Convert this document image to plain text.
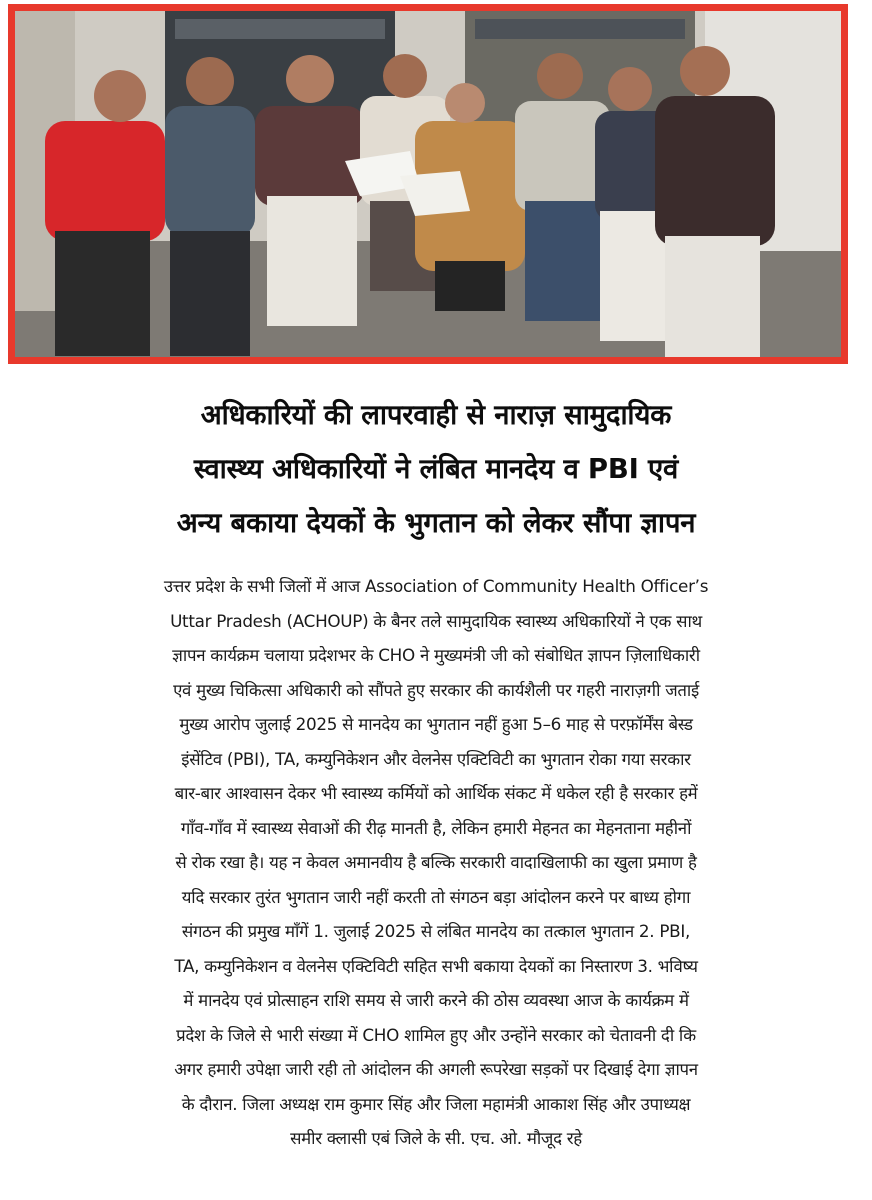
अधिकारियों की लापरवाही से नाराज़ सामुदायिक
स्वास्थ्य अधिकारियों ने लंबित मानदेय व PBI एवं
अन्य बकाया देयकों के भुगतान को लेकर सौंपा ज्ञापन
उत्तर प्रदेश के सभी जिलों में आज Association of Community Health Officer’s
Uttar Pradesh (ACHOUP) के बैनर तले सामुदायिक स्वास्थ्य अधिकारियों ने एक साथ
ज्ञापन कार्यक्रम चलाया प्रदेशभर के CHO ने मुख्यमंत्री जी को संबोधित ज्ञापन ज़िलाधिकारी
एवं मुख्य चिकित्सा अधिकारी को सौंपते हुए सरकार की कार्यशैली पर गहरी नाराज़गी जताई
मुख्य आरोप जुलाई 2025 से मानदेय का भुगतान नहीं हुआ 5–6 माह से परफ़ॉर्मेंस बेस्ड
इंसेंटिव (PBI), TA, कम्युनिकेशन और वेलनेस एक्टिविटी का भुगतान रोका गया सरकार
बार-बार आश्वासन देकर भी स्वास्थ्य कर्मियों को आर्थिक संकट में धकेल रही है सरकार हमें
गाँव-गाँव में स्वास्थ्य सेवाओं की रीढ़ मानती है, लेकिन हमारी मेहनत का मेहनताना महीनों
से रोक रखा है। यह न केवल अमानवीय है बल्कि सरकारी वादाखिलाफी का खुला प्रमाण है
यदि सरकार तुरंत भुगतान जारी नहीं करती तो संगठन बड़ा आंदोलन करने पर बाध्य होगा
संगठन की प्रमुख माँगें 1. जुलाई 2025 से लंबित मानदेय का तत्काल भुगतान 2. PBI,
TA, कम्युनिकेशन व वेलनेस एक्टिविटी सहित सभी बकाया देयकों का निस्तारण 3. भविष्य
में मानदेय एवं प्रोत्साहन राशि समय से जारी करने की ठोस व्यवस्था आज के कार्यक्रम में
प्रदेश के जिले से भारी संख्या में CHO शामिल हुए और उन्होंने सरकार को चेतावनी दी कि
अगर हमारी उपेक्षा जारी रही तो आंदोलन की अगली रूपरेखा सड़कों पर दिखाई देगा ज्ञापन
के दौरान. जिला अध्यक्ष राम कुमार सिंह और जिला महामंत्री आकाश सिंह और उपाध्यक्ष
समीर क्लासी एबं जिले के सी. एच. ओ. मौजूद रहे
